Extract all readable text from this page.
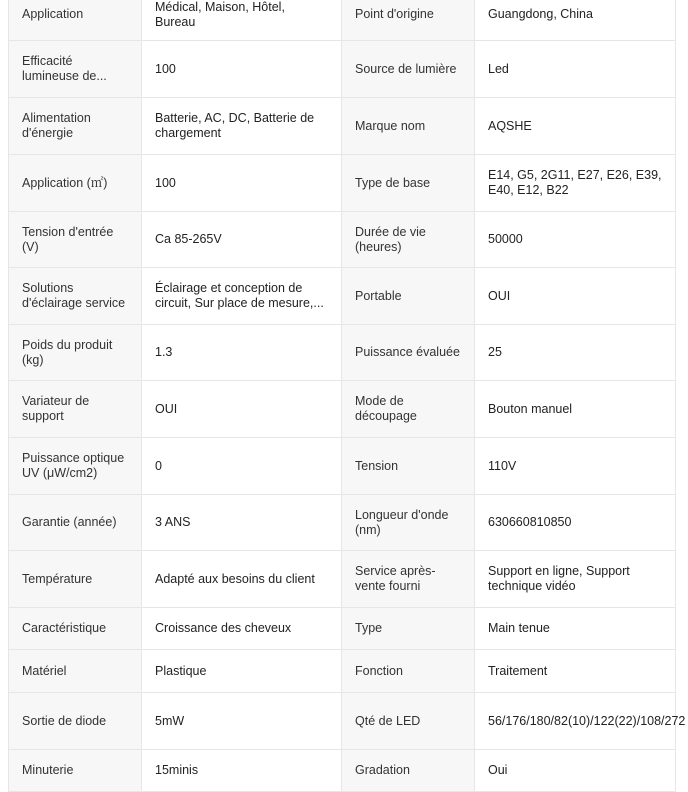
Application	Médical, Maison, Hôtel, Bureau	Point d'origine	Guangdong, China
Efficacité lumineuse de...	100	Source de lumière	Led
Alimentation d'énergie	Batterie, AC, DC, Batterie de chargement	Marque nom	AQSHE
Application (㎡)	100	Type de base	E14, G5, 2G11, E27, E26, E39, E40, E12, B22
Tension d'entrée (V)	Ca 85-265V	Durée de vie (heures)	50000
Solutions d'éclairage service	Éclairage et conception de circuit, Sur place de mesure,...	Portable	OUI
Poids du produit (kg)	1.3	Puissance évaluée	25
Variateur de support	OUI	Mode de découpage	Bouton manuel
Puissance optique UV (μW/cm2)	0	Tension	110V
Garantie (année)	3 ANS	Longueur d'onde (nm)	630660810850
Température	Adapté aux besoins du client	Service après-vente fourni	Support en ligne, Support technique vidéo
Caractéristique	Croissance des cheveux	Type	Main tenue
Matériel	Plastique	Fonction	Traitement
Sortie de diode	5mW	Qté de LED	56/176/180/82(10)/122(22)/108/272
Minuterie	15minis	Gradation	Oui
